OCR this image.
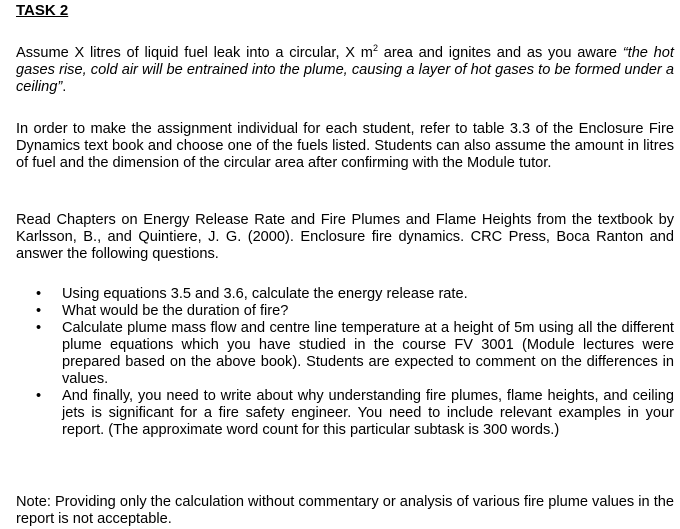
TASK 2

Assume X litres of liquid fuel leak into a circular, X $m^2$ area and ignites and as you aware “the hot gases rise, cold air will be entrained into the plume, causing a layer of hot gases to be formed under a ceiling”.

In order to make the assignment individual for each student, refer to table 3.3 of the Enclosure Fire Dynamics text book and choose one of the fuels listed. Students can also assume the amount in litres of fuel and the dimension of the circular area after confirming with the Module tutor.

Read Chapters on Energy Release Rate and Fire Plumes and Flame Heights from the textbook by Karlsson, B., and Quintiere, J. G. (2000). Enclosure fire dynamics. CRC Press, Boca Ranton and answer the following questions.

• Using equations 3.5 and 3.6, calculate the energy release rate.
• What would be the duration of fire?
• Calculate plume mass flow and centre line temperature at a height of 5m using all the different plume equations which you have studied in the course FV 3001 (Module lectures were prepared based on the above book). Students are expected to comment on the differences in values.
• And finally, you need to write about why understanding fire plumes, flame heights, and ceiling jets is significant for a fire safety engineer. You need to include relevant examples in your report. (The approximate word count for this particular subtask is 300 words.)

Note: Providing only the calculation without commentary or analysis of various fire plume values in the report is not acceptable.
